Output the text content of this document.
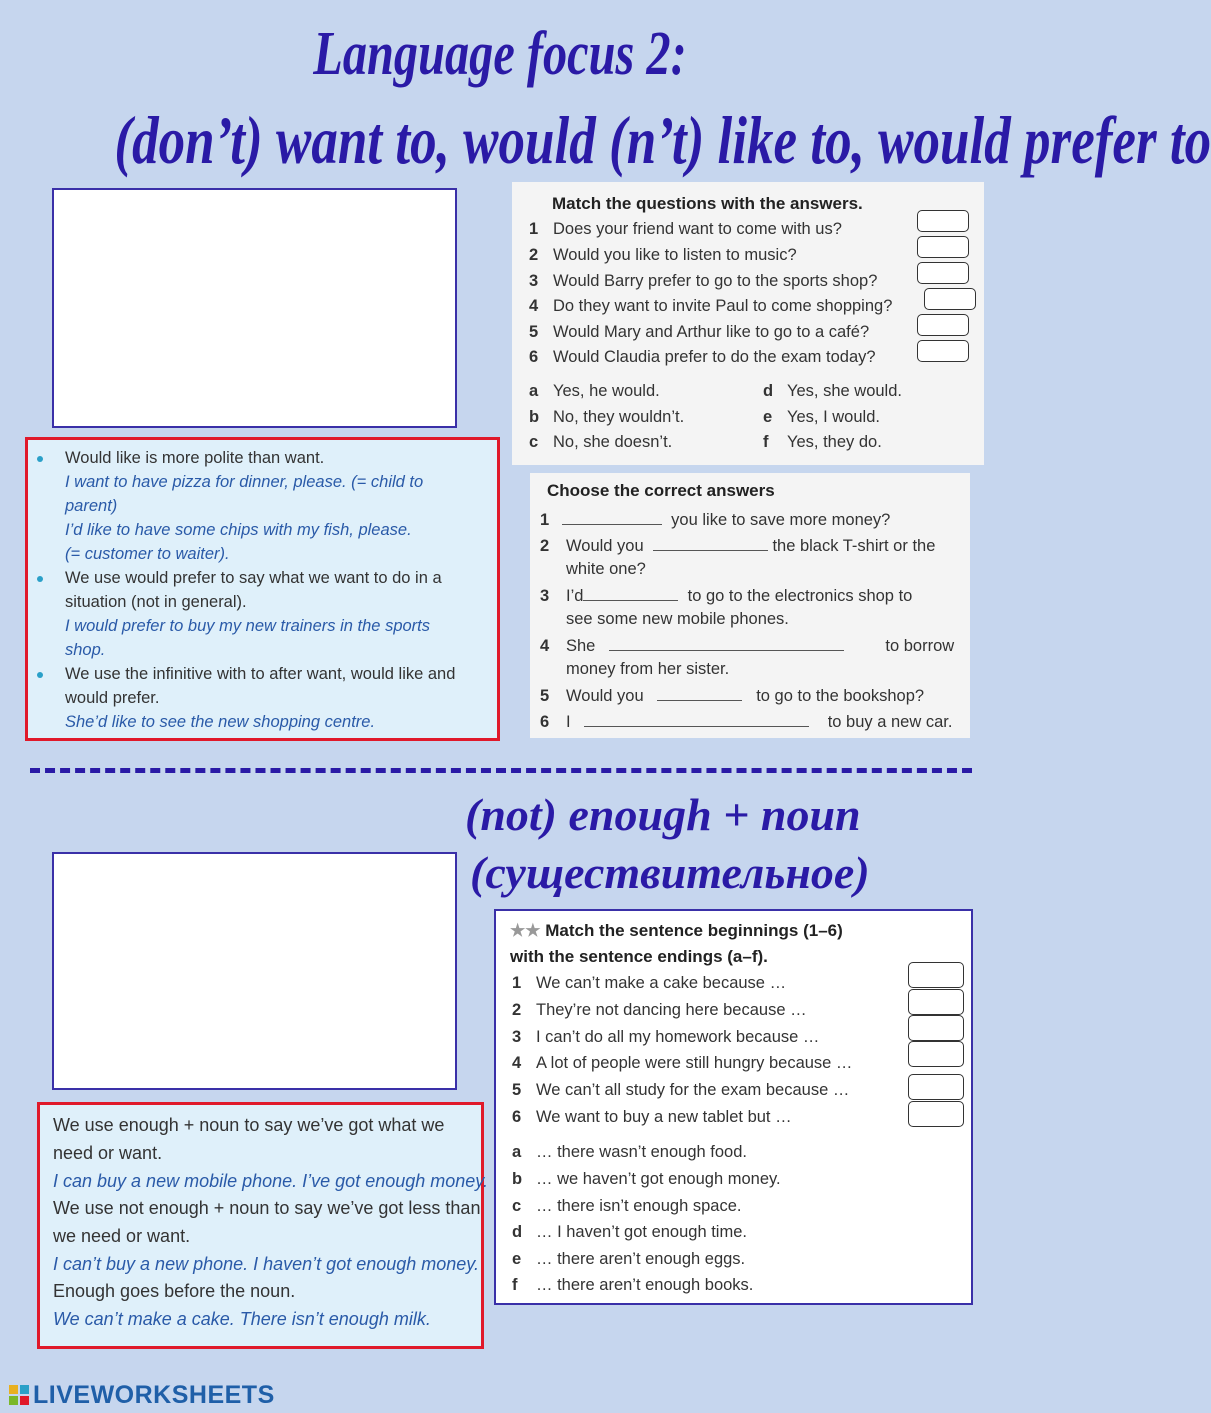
Language focus 2:
(don’t) want to, would (n’t) like to, would prefer to
Match the questions with the answers.
1 Does your friend want to come with us?
2 Would you like to listen to music?
3 Would Barry prefer to go to the sports shop?
4 Do they want to invite Paul to come shopping?
5 Would Mary and Arthur like to go to a café?
6 Would Claudia prefer to do the exam today?
a Yes, he would.
b No, they wouldn’t.
c No, she doesn’t.
d Yes, she would.
e Yes, I would.
f Yes, they do.
Would like is more polite than want.
I want to have pizza for dinner, please. (= child to
parent)
I’d like to have some chips with my fish, please.
(= customer to waiter).
We use would prefer to say what we want to do in a
situation (not in general).
I would prefer to buy my new trainers in the sports
shop.
We use the infinitive with to after want, would like and
would prefer.
She’d like to see the new shopping centre.
Choose the correct answers
1	you like to save more money?
2 Would you	the black T-shirt or the
white one?
3 I’d	to go to the electronics shop to
see some new mobile phones.
4 She	to borrow
money from her sister.
5 Would you	to go to the bookshop?
6 I	to buy a new car.
(not) enough + noun
(существительное)
★★ Match the sentence beginnings (1–6)
with the sentence endings (a–f).
1 We can’t make a cake because …
2 They’re not dancing here because …
3 I can’t do all my homework because …
4 A lot of people were still hungry because …
5 We can’t all study for the exam because …
6 We want to buy a new tablet but …
a … there wasn’t enough food.
b … we haven’t got enough money.
c … there isn’t enough space.
d … I haven’t got enough time.
e … there aren’t enough eggs.
f … there aren’t enough books.
We use enough + noun to say we’ve got what we
need or want.
I can buy a new mobile phone. I’ve got enough money.
We use not enough + noun to say we’ve got less than
we need or want.
I can’t buy a new phone. I haven’t got enough money.
Enough goes before the noun.
We can’t make a cake. There isn’t enough milk.
LIVEWORKSHEETS
